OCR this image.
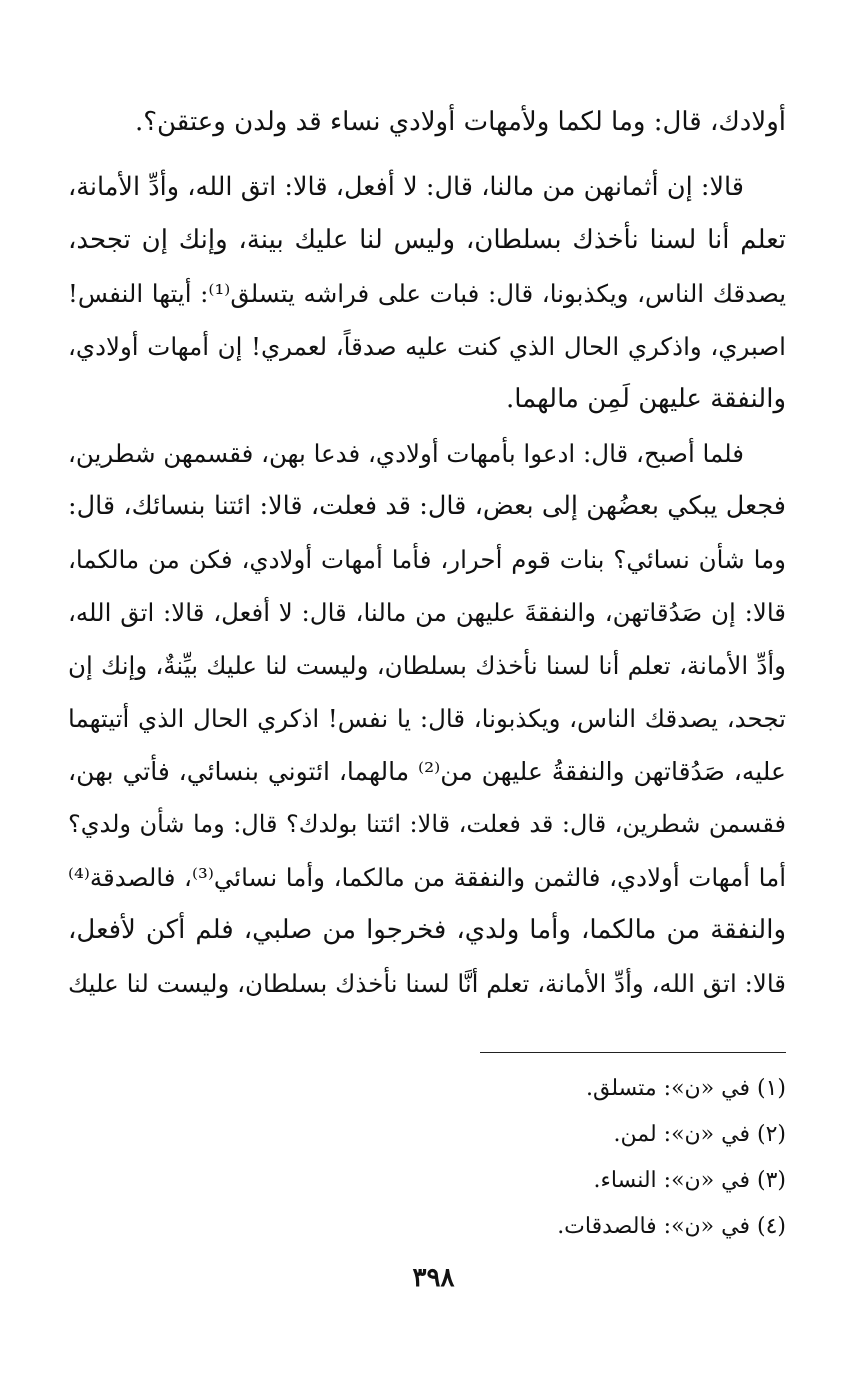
أولادك، قال: وما لكما ولأمهات أولادي نساء قد ولدن وعتقن؟.
قالا: إن أثمانهن من مالنا، قال: لا أفعل، قالا: اتق الله، وأدِّ الأمانة،
تعلم أنا لسنا نأخذك بسلطان، وليس لنا عليك بينة، وإنك إن تجحد،
يصدقك الناس، ويكذبونا، قال: فبات على فراشه يتسلق⁽¹⁾: أيتها النفس!
اصبري، واذكري الحال الذي كنت عليه صدقاً، لعمري! إن أمهات أولادي،
والنفقة عليهن لَمِن مالهما.
فلما أصبح، قال: ادعوا بأمهات أولادي، فدعا بهن، فقسمهن شطرين،
فجعل يبكي بعضُهن إلى بعض، قال: قد فعلت، قالا: ائتنا بنسائك، قال:
وما شأن نسائي؟ بنات قوم أحرار، فأما أمهات أولادي، فكن من مالكما،
قالا: إن صَدُقاتهن، والنفقةَ عليهن من مالنا، قال: لا أفعل، قالا: اتق الله،
وأدِّ الأمانة، تعلم أنا لسنا نأخذك بسلطان، وليست لنا عليك بيِّنةٌ، وإنك إن
تجحد، يصدقك الناس، ويكذبونا، قال: يا نفس! اذكري الحال الذي أتيتهما
عليه، صَدُقاتهن والنفقةُ عليهن من⁽²⁾ مالهما، ائتوني بنسائي، فأتي بهن،
فقسمن شطرين، قال: قد فعلت، قالا: ائتنا بولدك؟ قال: وما شأن ولدي؟
أما أمهات أولادي، فالثمن والنفقة من مالكما، وأما نسائي⁽³⁾، فالصدقة⁽⁴⁾
والنفقة من مالكما، وأما ولدي، فخرجوا من صلبي، فلم أكن لأفعل،
قالا: اتق الله، وأدِّ الأمانة، تعلم أنَّا لسنا نأخذك بسلطان، وليست لنا عليك
(١) في «ن»: متسلق.
(٢) في «ن»: لمن.
(٣) في «ن»: النساء.
(٤) في «ن»: فالصدقات.
٣٩٨
